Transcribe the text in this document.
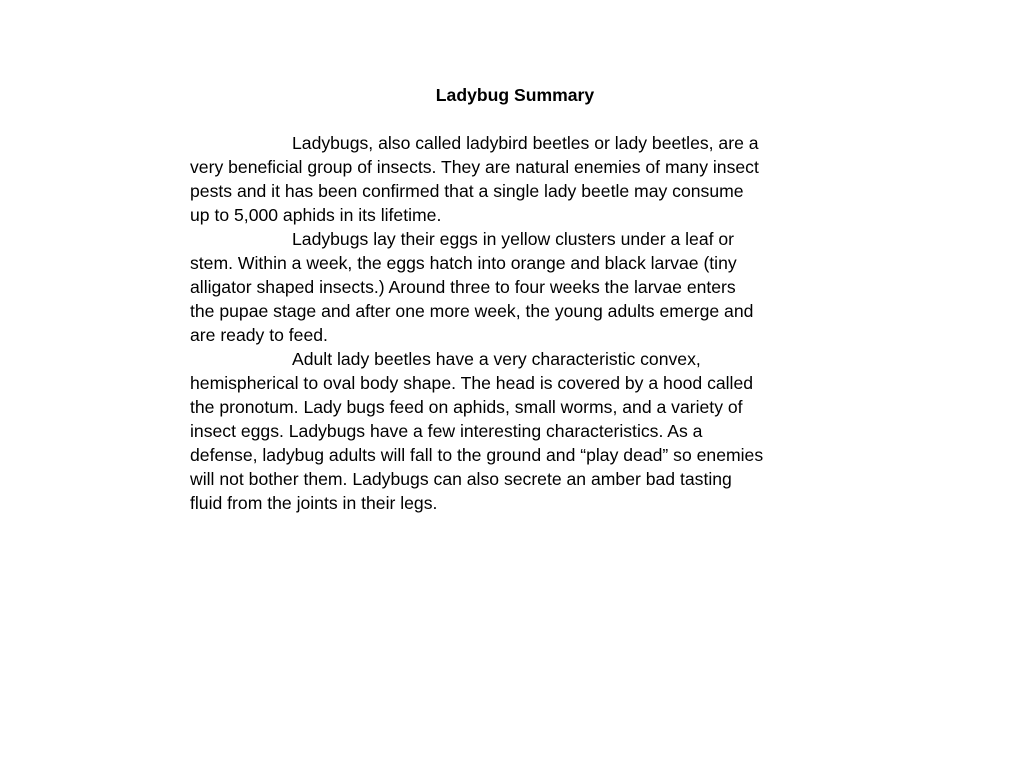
Ladybug Summary

Ladybugs, also called ladybird beetles or lady beetles, are a very beneficial group of insects. They are natural enemies of many insect pests and it has been confirmed that a single lady beetle may consume up to 5,000 aphids in its lifetime.

Ladybugs lay their eggs in yellow clusters under a leaf or stem. Within a week, the eggs hatch into orange and black larvae (tiny alligator shaped insects.) Around three to four weeks the larvae enters the pupae stage and after one more week, the young adults emerge and are ready to feed.

Adult lady beetles have a very characteristic convex, hemispherical to oval body shape. The head is covered by a hood called the pronotum. Lady bugs feed on aphids, small worms, and a variety of insect eggs. Ladybugs have a few interesting characteristics. As a defense, ladybug adults will fall to the ground and “play dead” so enemies will not bother them. Ladybugs can also secrete an amber bad tasting fluid from the joints in their legs.
